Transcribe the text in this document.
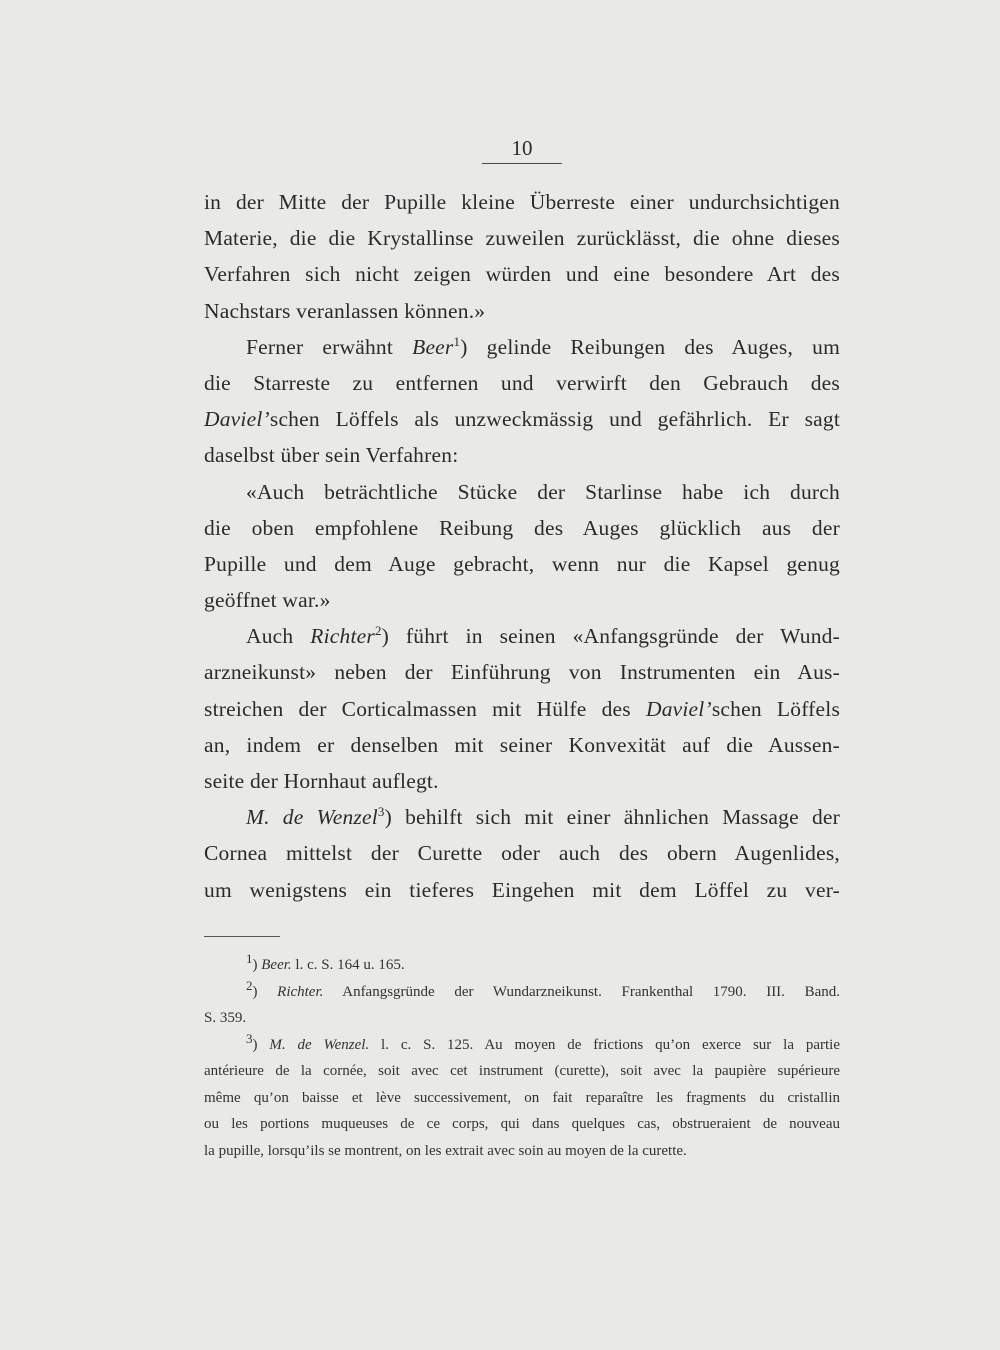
10
in der Mitte der Pupille kleine Überreste einer undurchsichtigen
Materie, die die Krystallinse zuweilen zurücklässt, die ohne dieses
Verfahren sich nicht zeigen würden und eine besondere Art des
Nachstars veranlassen können.»
Ferner erwähnt Beer$^1$) gelinde Reibungen des Auges, um
die Starreste zu entfernen und verwirft den Gebrauch des
Daviel’schen Löffels als unzweckmässig und gefährlich. Er sagt
daselbst über sein Verfahren:
«Auch beträchtliche Stücke der Starlinse habe ich durch
die oben empfohlene Reibung des Auges glücklich aus der
Pupille und dem Auge gebracht, wenn nur die Kapsel genug
geöffnet war.»
Auch Richter$^2$) führt in seinen «Anfangsgründe der Wund-
arzneikunst» neben der Einführung von Instrumenten ein Aus-
streichen der Corticalmassen mit Hülfe des Daviel’schen Löffels
an, indem er denselben mit seiner Konvexität auf die Aussen-
seite der Hornhaut auflegt.
M. de Wenzel$^3$) behilft sich mit einer ähnlichen Massage der
Cornea mittelst der Curette oder auch des obern Augenlides,
um wenigstens ein tieferes Eingehen mit dem Löffel zu ver-
$^1$) Beer. l. c. S. 164 u. 165.
$^2$) Richter. Anfangsgründe der Wundarzneikunst. Frankenthal 1790. III. Band.
S. 359.
$^3$) M. de Wenzel. l. c. S. 125. Au moyen de frictions qu’on exerce sur la partie
antérieure de la cornée, soit avec cet instrument (curette), soit avec la paupière supérieure
même qu’on baisse et lève successivement, on fait reparaître les fragments du cristallin
ou les portions muqueuses de ce corps, qui dans quelques cas, obstrueraient de nouveau
la pupille, lorsqu’ils se montrent, on les extrait avec soin au moyen de la curette.
